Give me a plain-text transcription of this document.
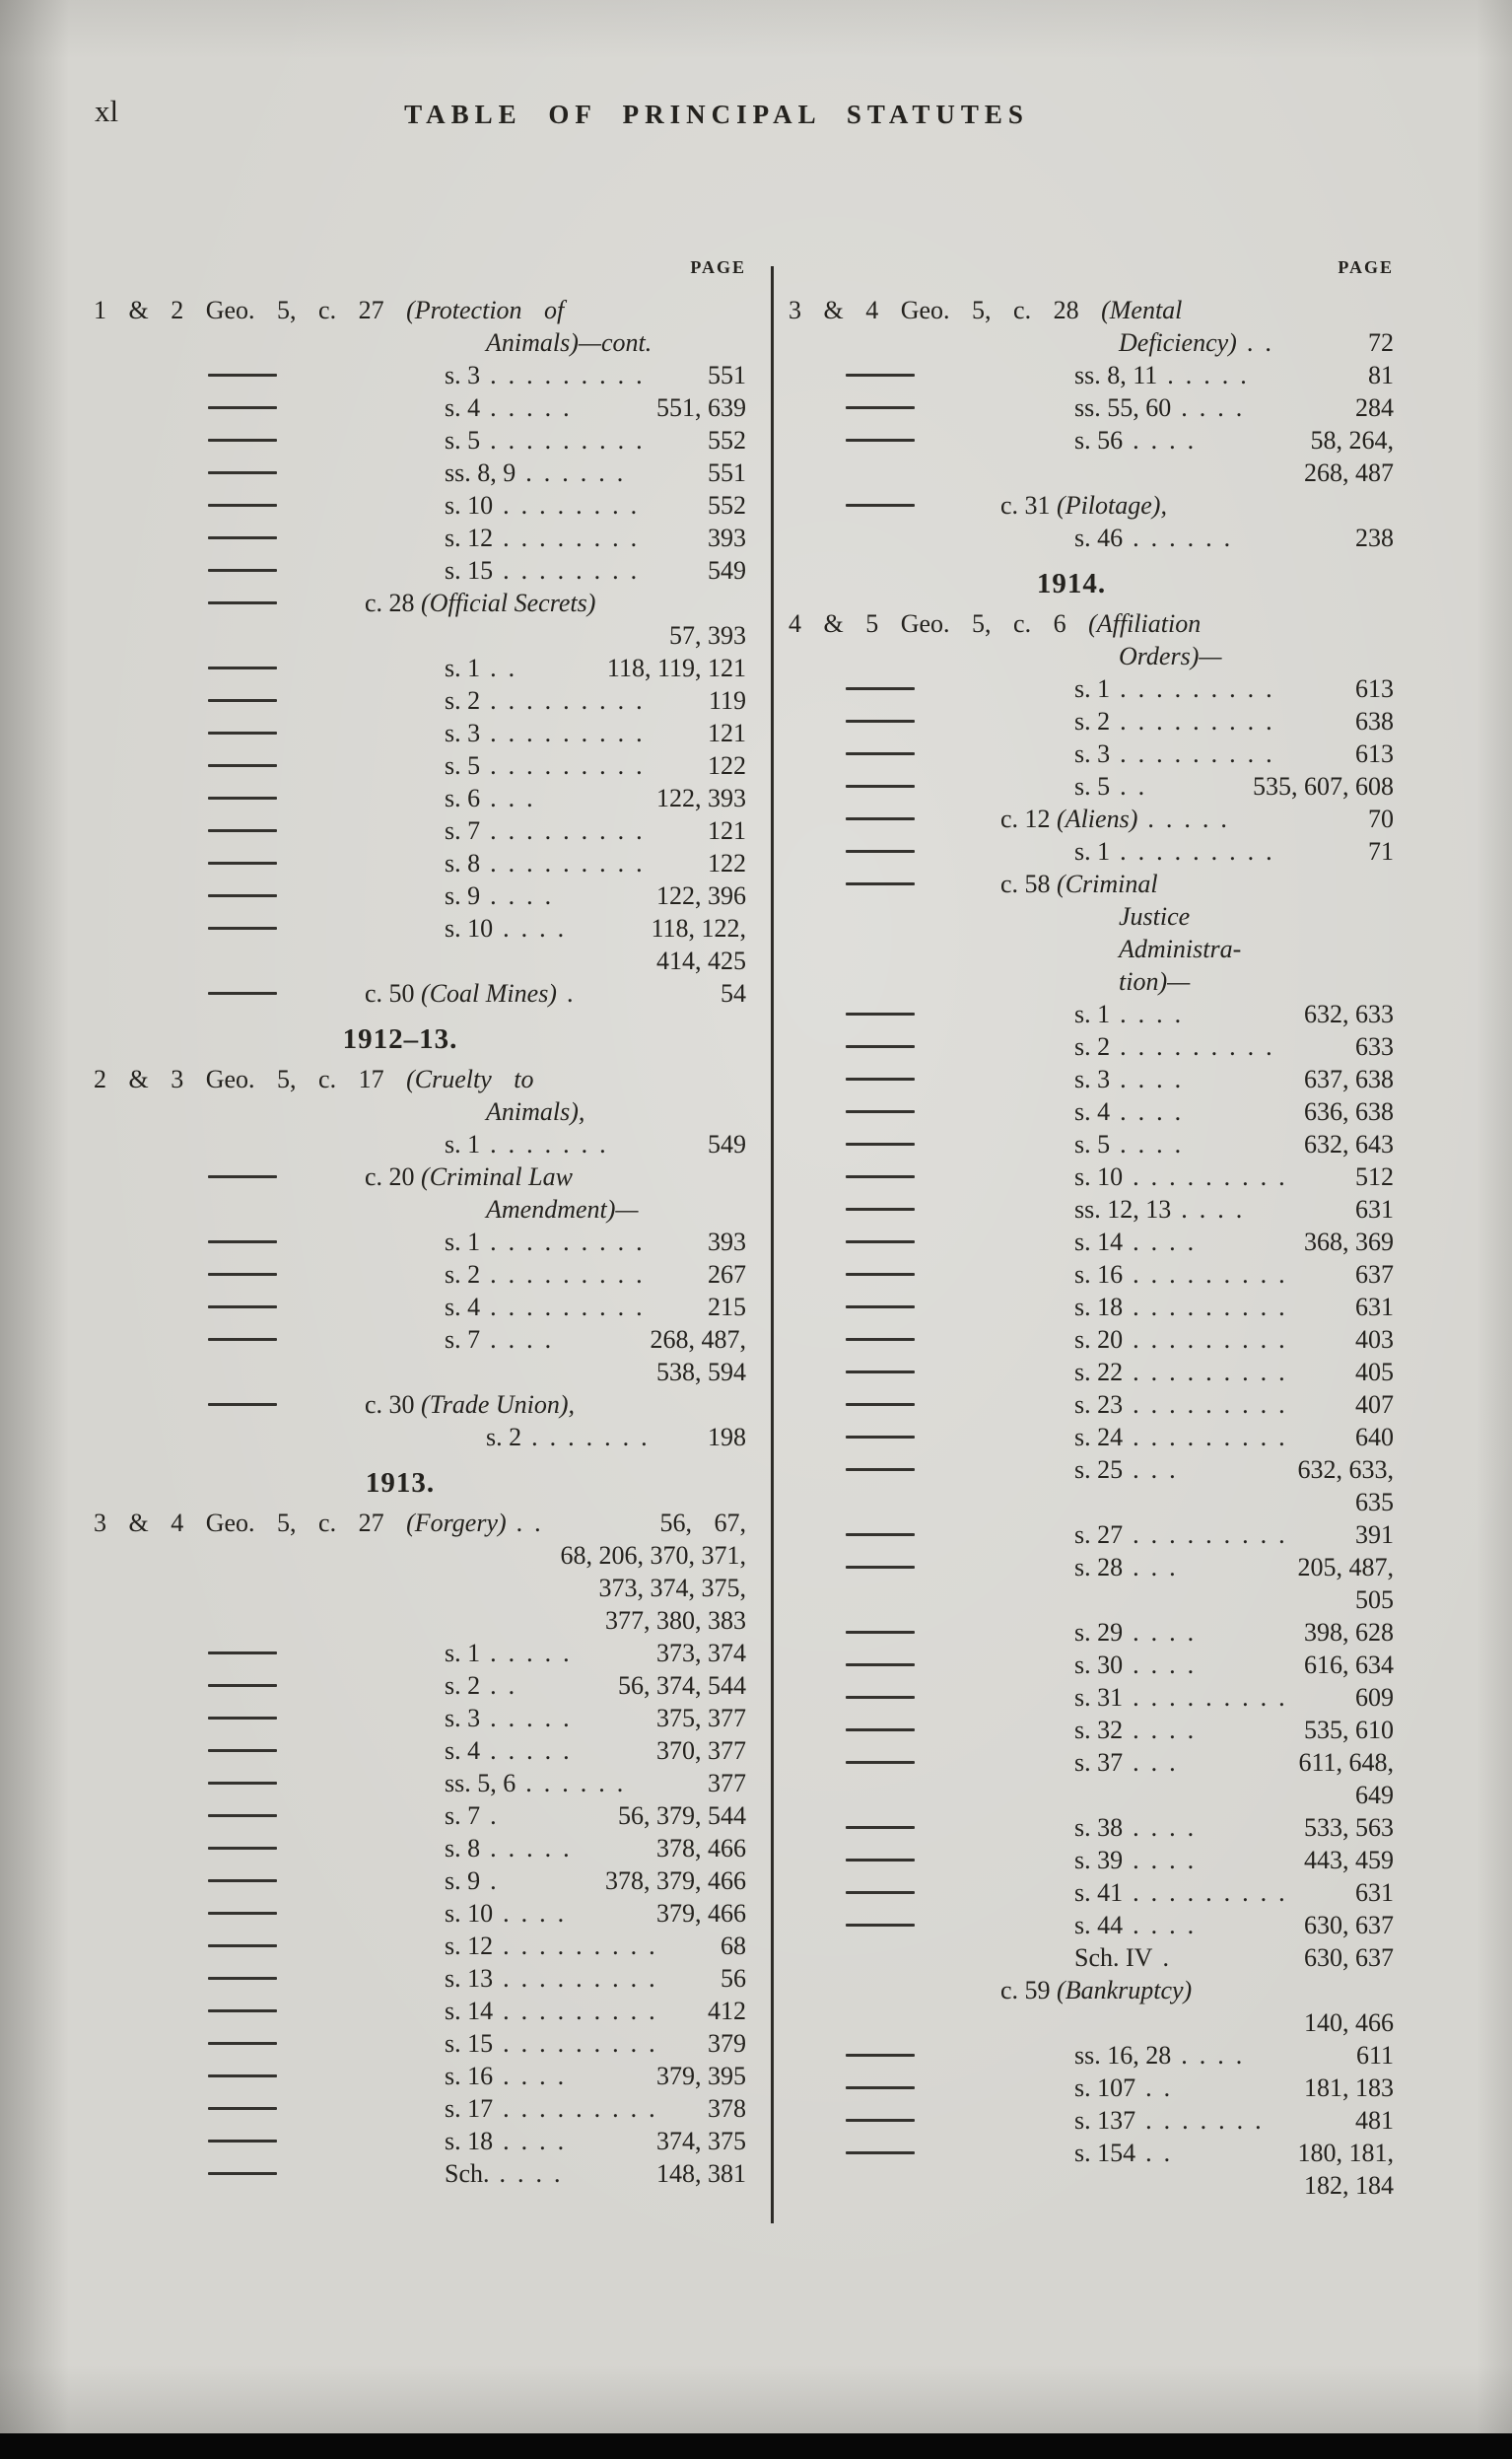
xl	TABLE OF PRINCIPAL STATUTES
PAGE
1 & 2 Geo. 5, c. 27 (Protection of
Animals)—cont.
s. 3 ......... 551
s. 4 .....	551, 639
s. 5 ......... 552
ss. 8, 9 ......	551
s. 10 ........ 552
s. 12 ........ 393
s. 15 ........ 549
c. 28 (Official Secrets)
57, 393
s. 1 ..	118, 119, 121
s. 2 ......... 119
s. 3 ......... 121
s. 5 ......... 122
s. 6 ...	122, 393
s. 7 ......... 121
s. 8 ......... 122
s. 9 ....	122, 396
s. 10 ....	118, 122,
414, 425
c. 50 (Coal Mines) .	54
1912–13.
2 & 3 Geo. 5, c. 17 (Cruelty to
Animals),
s. 1 .......	549
c. 20 (Criminal Law
Amendment)—
s. 1 ......... 393
s. 2 ......... 267
s. 4 ......... 215
s. 7 ....	268, 487,
538, 594
c. 30 (Trade Union),
s. 2 ....... 198
1913.
3 & 4 Geo. 5, c. 27 (Forgery) ..	56, 67,
68, 206, 370, 371,
373, 374, 375,
377, 380, 383
s. 1 .....	373, 374
s. 2 ..	56, 374, 544
s. 3 .....	375, 377
s. 4 .....	370, 377
ss. 5, 6 ......	377
s. 7 .	56, 379, 544
s. 8 .....	378, 466
s. 9 .	378, 379, 466
s. 10 ....	379, 466
s. 12 ......... 68
s. 13 ......... 56
s. 14 ......... 412
s. 15 ......... 379
s. 16 ....	379, 395
s. 17 ......... 378
s. 18 ....	374, 375
Sch. ....	148, 381
PAGE
3 & 4 Geo. 5, c. 28 (Mental
Deficiency) ..	72
ss. 8, 11 .....	81
ss. 55, 60 ....	284
s. 56 ....	58, 264,
268, 487
c. 31 (Pilotage),
s. 46 ......	238
1914.
4 & 5 Geo. 5, c. 6 (Affiliation
Orders)—
s. 1 .........	613
s. 2 .........	638
s. 3 .........	613
s. 5 ..	535, 607, 608
c. 12 (Aliens) .....	70
s. 1 .........	71
c. 58 (Criminal
Justice
Administra-
tion)—
s. 1 ....	632, 633
s. 2 .........	633
s. 3 ....	637, 638
s. 4 ....	636, 638
s. 5 ....	632, 643
s. 10 ......... 512
ss. 12, 13 ....	631
s. 14 ....	368, 369
s. 16 ......... 637
s. 18 ......... 631
s. 20 ......... 403
s. 22 ......... 405
s. 23 ......... 407
s. 24 ......... 640
s. 25 ...	632, 633,
635
s. 27 ......... 391
s. 28 ...	205, 487,
505
s. 29 ....	398, 628
s. 30 ....	616, 634
s. 31 ......... 609
s. 32 ....	535, 610
s. 37 ...	611, 648,
649
s. 38 ....	533, 563
s. 39 ....	443, 459
s. 41 ......... 631
s. 44 ....	630, 637
Sch. IV .	630, 637
c. 59 (Bankruptcy)
140, 466
ss. 16, 28 ....	611
s. 107 ..	181, 183
s. 137 .......	481
s. 154 ..	180, 181,
182, 184
